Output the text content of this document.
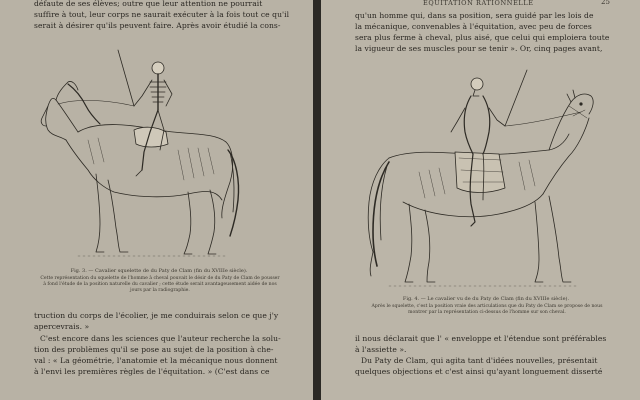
défaute de ses élèves; outre que leur attention ne pourrait
suffire à tout, leur corps ne saurait exécuter à la fois tout ce qu'il
serait à désirer qu'ils peuvent faire. Après avoir étudié la cons-
Fig. 3. — Cavalier squelette de du Paty de Clam (fin du XVIIIe siècle).
Cette représentation du squelette de l'homme à cheval pouvait le désir de du Paty de Clam de pousser à fond l'étude de la position naturelle du cavalier ; cette étude serait avantageusement aidée de nos jours par la radiographie.
truction du corps de l'écolier, je me conduirais selon ce que j'y
apercevrais. »
C'est encore dans les sciences que l'auteur recherche la solu-
tion des problèmes qu'il se pose au sujet de la position à che-
val : « La géométrie, l'anatomie et la mécanique nous donnent
à l'envi les premières règles de l'équitation. » (C'est dans ce
ÉQUITATION RATIONNELLE	25
qu'un homme qui, dans sa position, sera guidé par les lois de
la mécanique, convenables à l'équitation, avec peu de forces
sera plus ferme à cheval, plus aisé, que celui qui emploiera toute
la vigueur de ses muscles pour se tenir ». Or, cinq pages avant,
Fig. 4. — Le cavalier vu de du Paty de Clam (fin du XVIIIe siècle).
Après le squelette, c'est la position vraie des articulations que du Paty de Clam se propose de nous montrer par la représentation ci-dessus de l'homme sur son cheval.
il nous déclarait que l' « enveloppe et l'étendue sont préférables
à l'assiette ».
Du Paty de Clam, qui agita tant d'idées nouvelles, présentait
quelques objections et c'est ainsi qu'ayant longuement disserté
